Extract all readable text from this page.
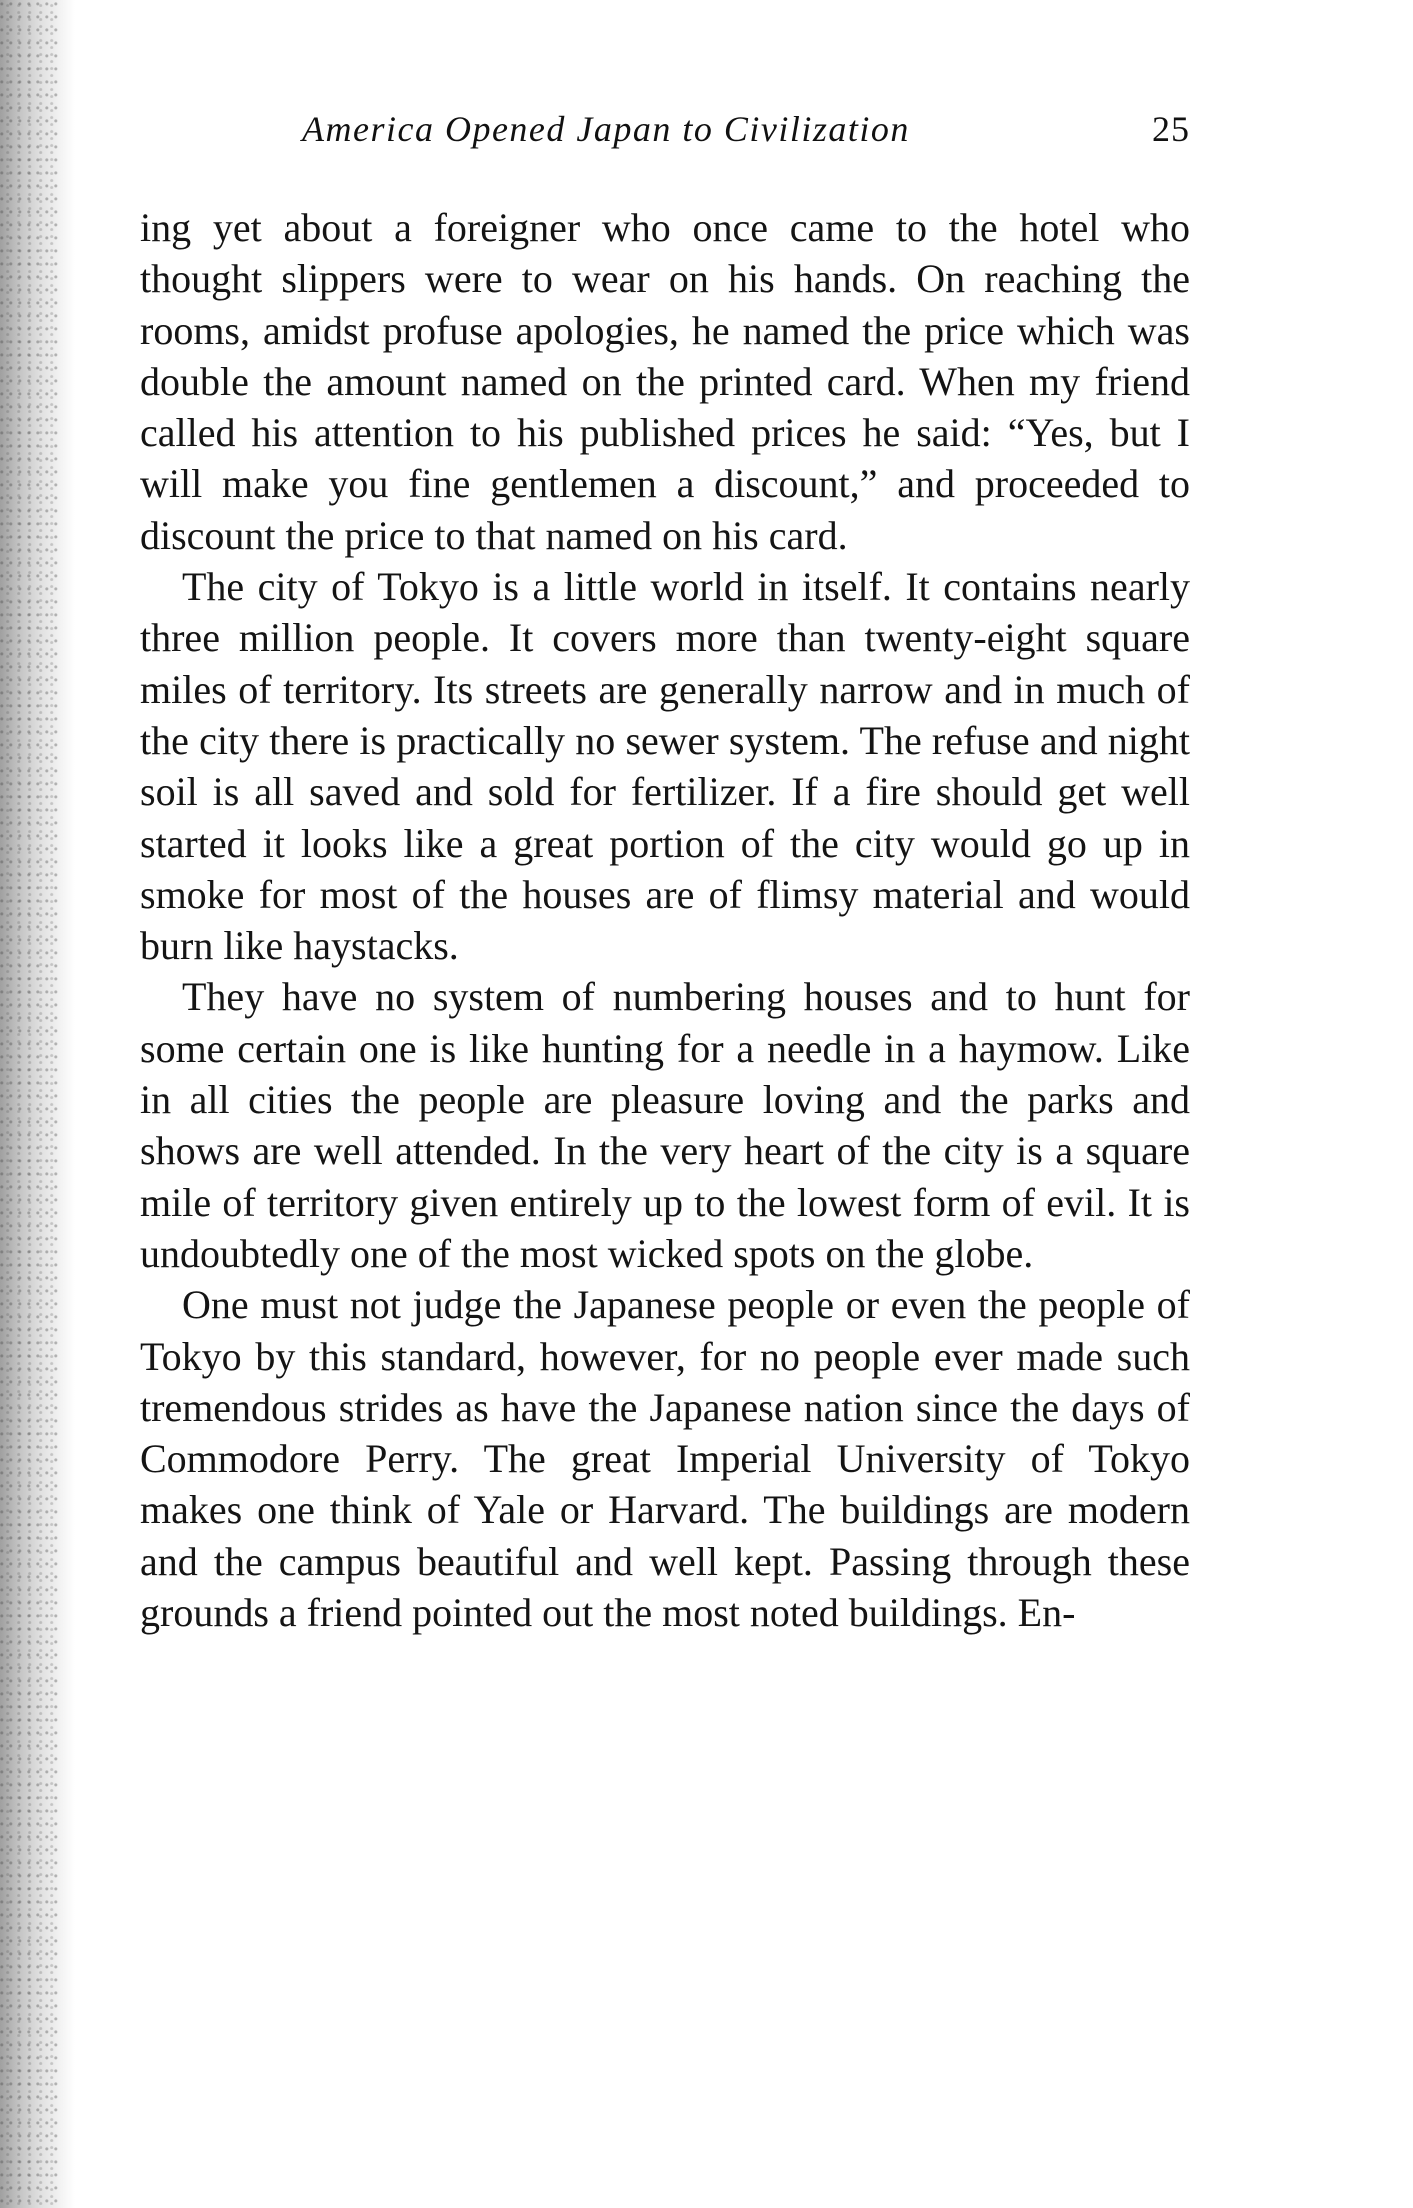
America Opened Japan to Civilization	25

ing yet about a foreigner who once came to the hotel who thought slippers were to wear on his hands. On reaching the rooms, amidst profuse apologies, he named the price which was double the amount named on the printed card. When my friend called his attention to his published prices he said: “Yes, but I will make you fine gentlemen a discount,” and proceeded to discount the price to that named on his card.

The city of Tokyo is a little world in itself. It contains nearly three million people. It covers more than twenty-eight square miles of territory. Its streets are generally narrow and in much of the city there is practically no sewer system. The refuse and night soil is all saved and sold for fertilizer. If a fire should get well started it looks like a great portion of the city would go up in smoke for most of the houses are of flimsy material and would burn like haystacks.

They have no system of numbering houses and to hunt for some certain one is like hunting for a needle in a haymow. Like in all cities the people are pleasure loving and the parks and shows are well attended. In the very heart of the city is a square mile of territory given entirely up to the lowest form of evil. It is undoubtedly one of the most wicked spots on the globe.

One must not judge the Japanese people or even the people of Tokyo by this standard, however, for no people ever made such tremendous strides as have the Japanese nation since the days of Commodore Perry. The great Imperial University of Tokyo makes one think of Yale or Harvard. The buildings are modern and the campus beautiful and well kept. Passing through these grounds a friend pointed out the most noted buildings. En-
